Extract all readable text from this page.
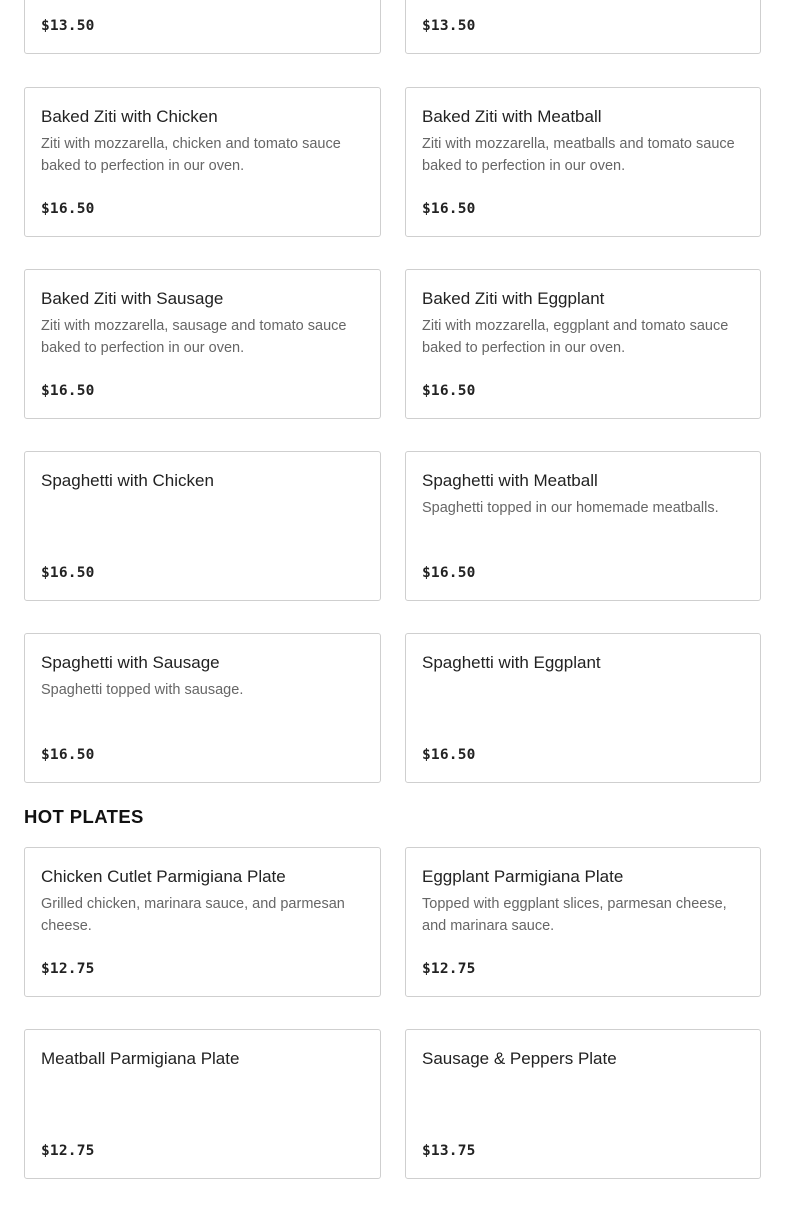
$13.50	$13.50
Baked Ziti with Chicken
Ziti with mozzarella, chicken and tomato sauce baked to perfection in our oven.
$16.50
Baked Ziti with Meatball
Ziti with mozzarella, meatballs and tomato sauce baked to perfection in our oven.
$16.50
Baked Ziti with Sausage
Ziti with mozzarella, sausage and tomato sauce baked to perfection in our oven.
$16.50
Baked Ziti with Eggplant
Ziti with mozzarella, eggplant and tomato sauce baked to perfection in our oven.
$16.50
Spaghetti with Chicken
$16.50
Spaghetti with Meatball
Spaghetti topped in our homemade meatballs.
$16.50
Spaghetti with Sausage
Spaghetti topped with sausage.
$16.50
Spaghetti with Eggplant
$16.50
HOT PLATES
Chicken Cutlet Parmigiana Plate
Grilled chicken, marinara sauce, and parmesan cheese.
$12.75
Eggplant Parmigiana Plate
Topped with eggplant slices, parmesan cheese, and marinara sauce.
$12.75
Meatball Parmigiana Plate
$12.75
Sausage & Peppers Plate
$13.75
